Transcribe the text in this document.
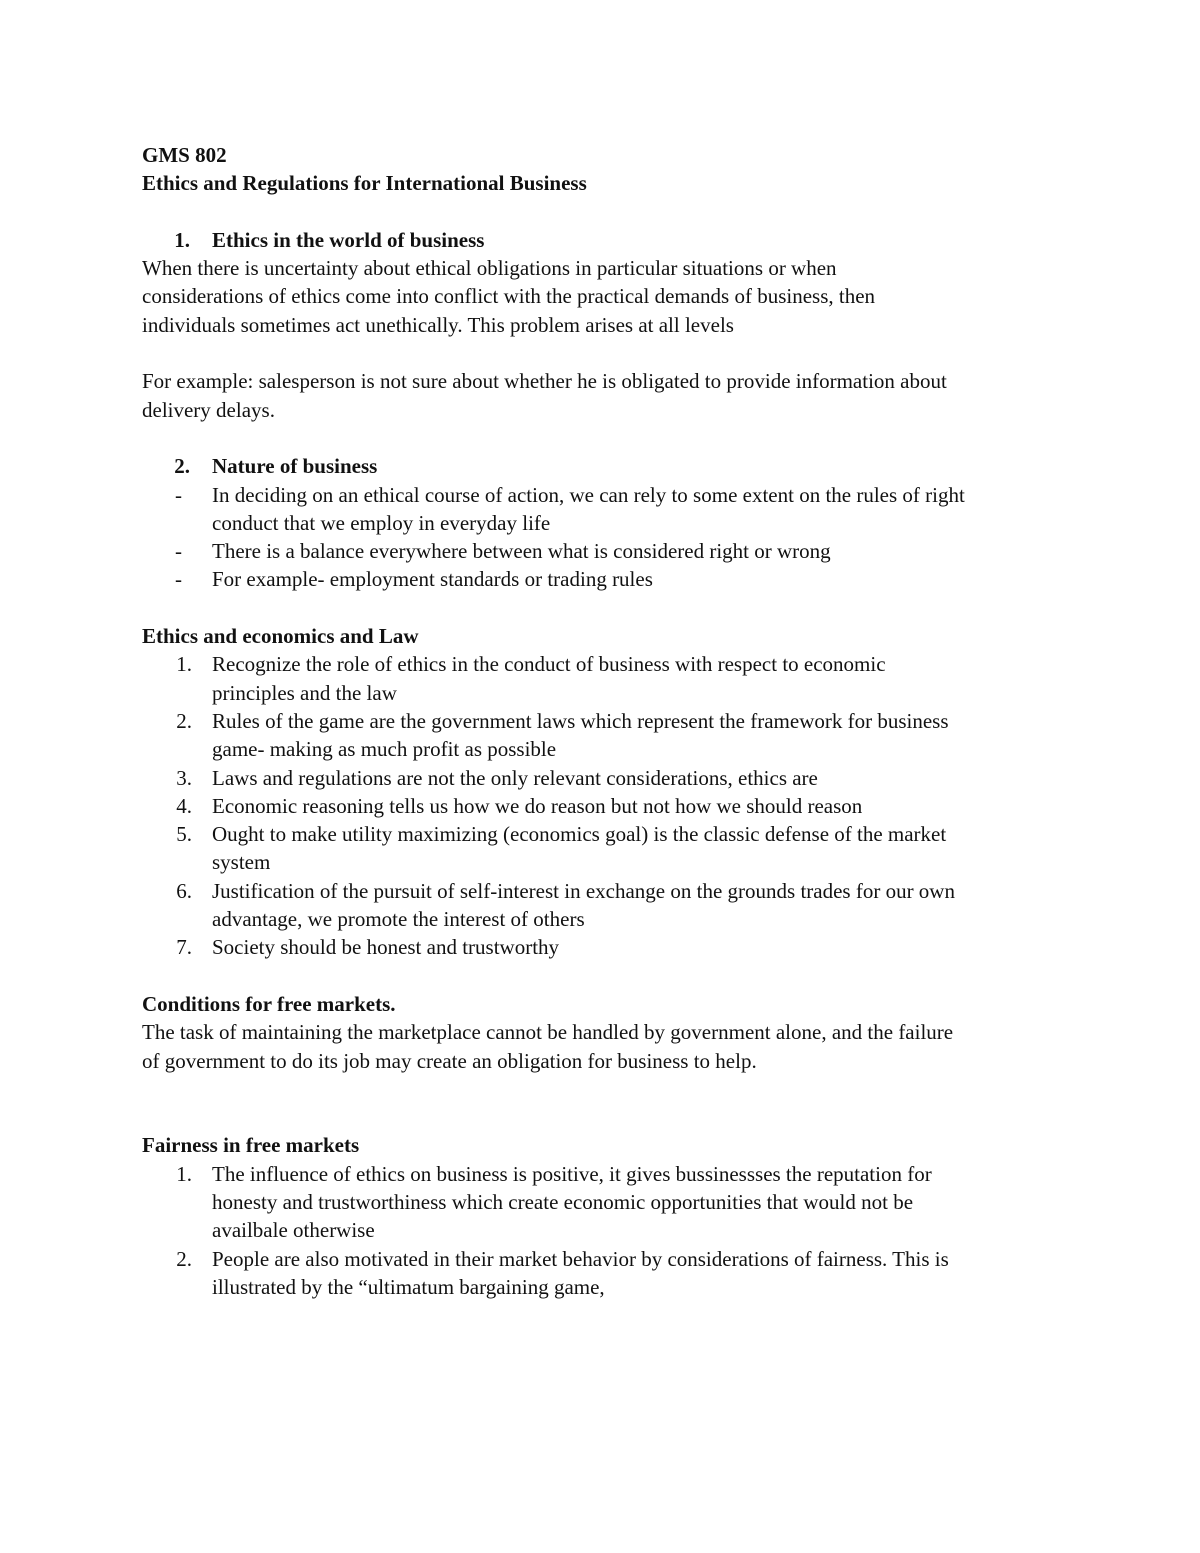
GMS 802
Ethics and Regulations for International Business
1.	Ethics in the world of business
When there is uncertainty about ethical obligations in particular situations or when
considerations of ethics come into conflict with the practical demands of business, then
individuals sometimes act unethically. This problem arises at all levels
For example: salesperson is not sure about whether he is obligated to provide information about
delivery delays.
2.	Nature of business
-	In deciding on an ethical course of action, we can rely to some extent on the rules of right
conduct that we employ in everyday life
-	There is a balance everywhere between what is considered right or wrong
-	For example- employment standards or trading rules
Ethics and economics and Law
1. Recognize the role of ethics in the conduct of business with respect to economic
principles and the law
2. Rules of the game are the government laws which represent the framework for business
game- making as much profit as possible
3. Laws and regulations are not the only relevant considerations, ethics are
4. Economic reasoning tells us how we do reason but not how we should reason
5. Ought to make utility maximizing (economics goal) is the classic defense of the market
system
6. Justification of the pursuit of self-interest in exchange on the grounds trades for our own
advantage, we promote the interest of others
7. Society should be honest and trustworthy
Conditions for free markets.
The task of maintaining the marketplace cannot be handled by government alone, and the failure
of government to do its job may create an obligation for business to help.
Fairness in free markets
1. The influence of ethics on business is positive, it gives bussinessses the reputation for
honesty and trustworthiness which create economic opportunities that would not be
availbale otherwise
2. People are also motivated in their market behavior by considerations of fairness. This is
illustrated by the “ultimatum bargaining game,
